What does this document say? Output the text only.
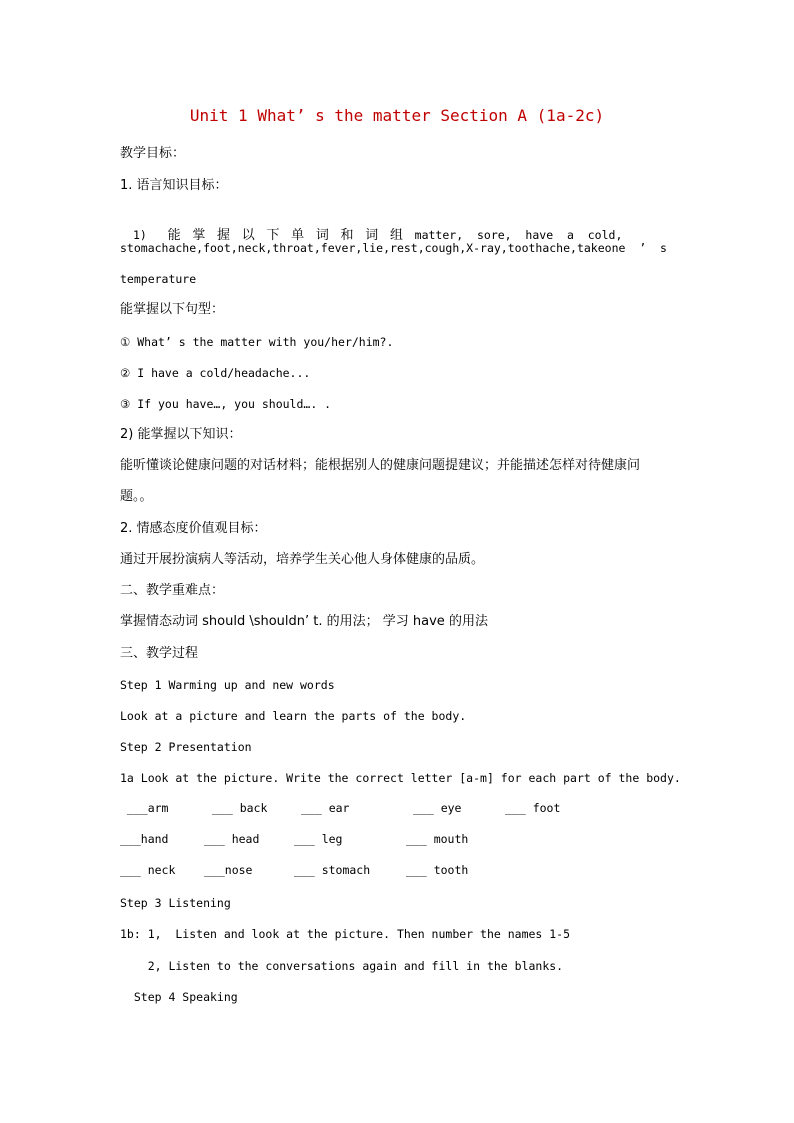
Unit 1 What’ s the matter Section A (1a-2c)
教学目标：
1. 语言知识目标：

1) 能掌握以下单词和词组matter,  sore,  have  a  cold,

stomachache,foot,neck,throat,fever,lie,rest,cough,X-ray,toothache,takeone  ’  s
temperature
能掌握以下句型：
① What’ s the matter with you/her/him?.
② I have a cold/headache...
③ If you have…, you should…. .
2) 能掌握以下知识：
能听懂谈论健康问题的对话材料；能根据别人的健康问题提建议；并能描述怎样对待健康问
题。。
2. 情感态度价值观目标：
通过开展扮演病人等活动，培养学生关心他人身体健康的品质。
二、教学重难点：
掌握情态动词 should \shouldn’ t. 的用法； 学习 have 的用法
三、教学过程
Step 1 Warming up and new words
Look at a picture and learn the parts of the body.
Step 2 Presentation
1a Look at the picture. Write the correct letter [a-m] for each part of the body.
___arm	___ back	___ ear	___ eye	___ foot
___hand	___ head	___ leg	___ mouth
___ neck ___nose	___ stomach	___ tooth
Step 3 Listening
1b: 1,  Listen and look at the picture. Then number the names 1-5
2, Listen to the conversations again and fill in the blanks.
Step 4 Speaking
